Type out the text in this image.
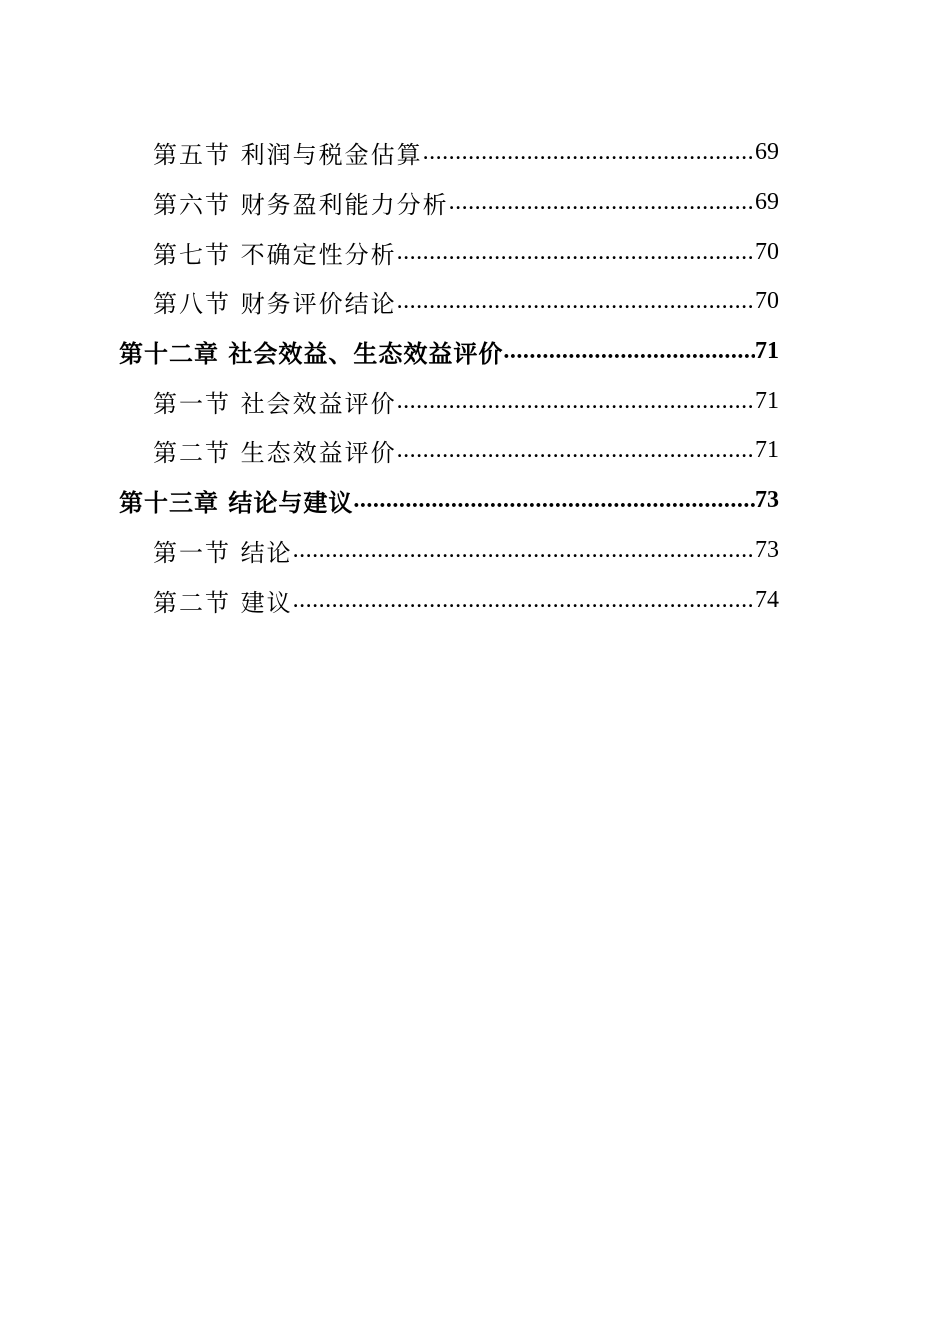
第五节 利润与税金估算 .....	69
第六节 财务盈利能力分析 .....	69
第七节 不确定性分析 .....	70
第八节 财务评价结论 .....	70
第十二章 社会效益、生态效益评价 .....	71
第一节 社会效益评价 .....	71
第二节 生态效益评价 .....	71
第十三章 结论与建议 .....	73
第一节 结论 .....	73
第二节 建议 .....	74
